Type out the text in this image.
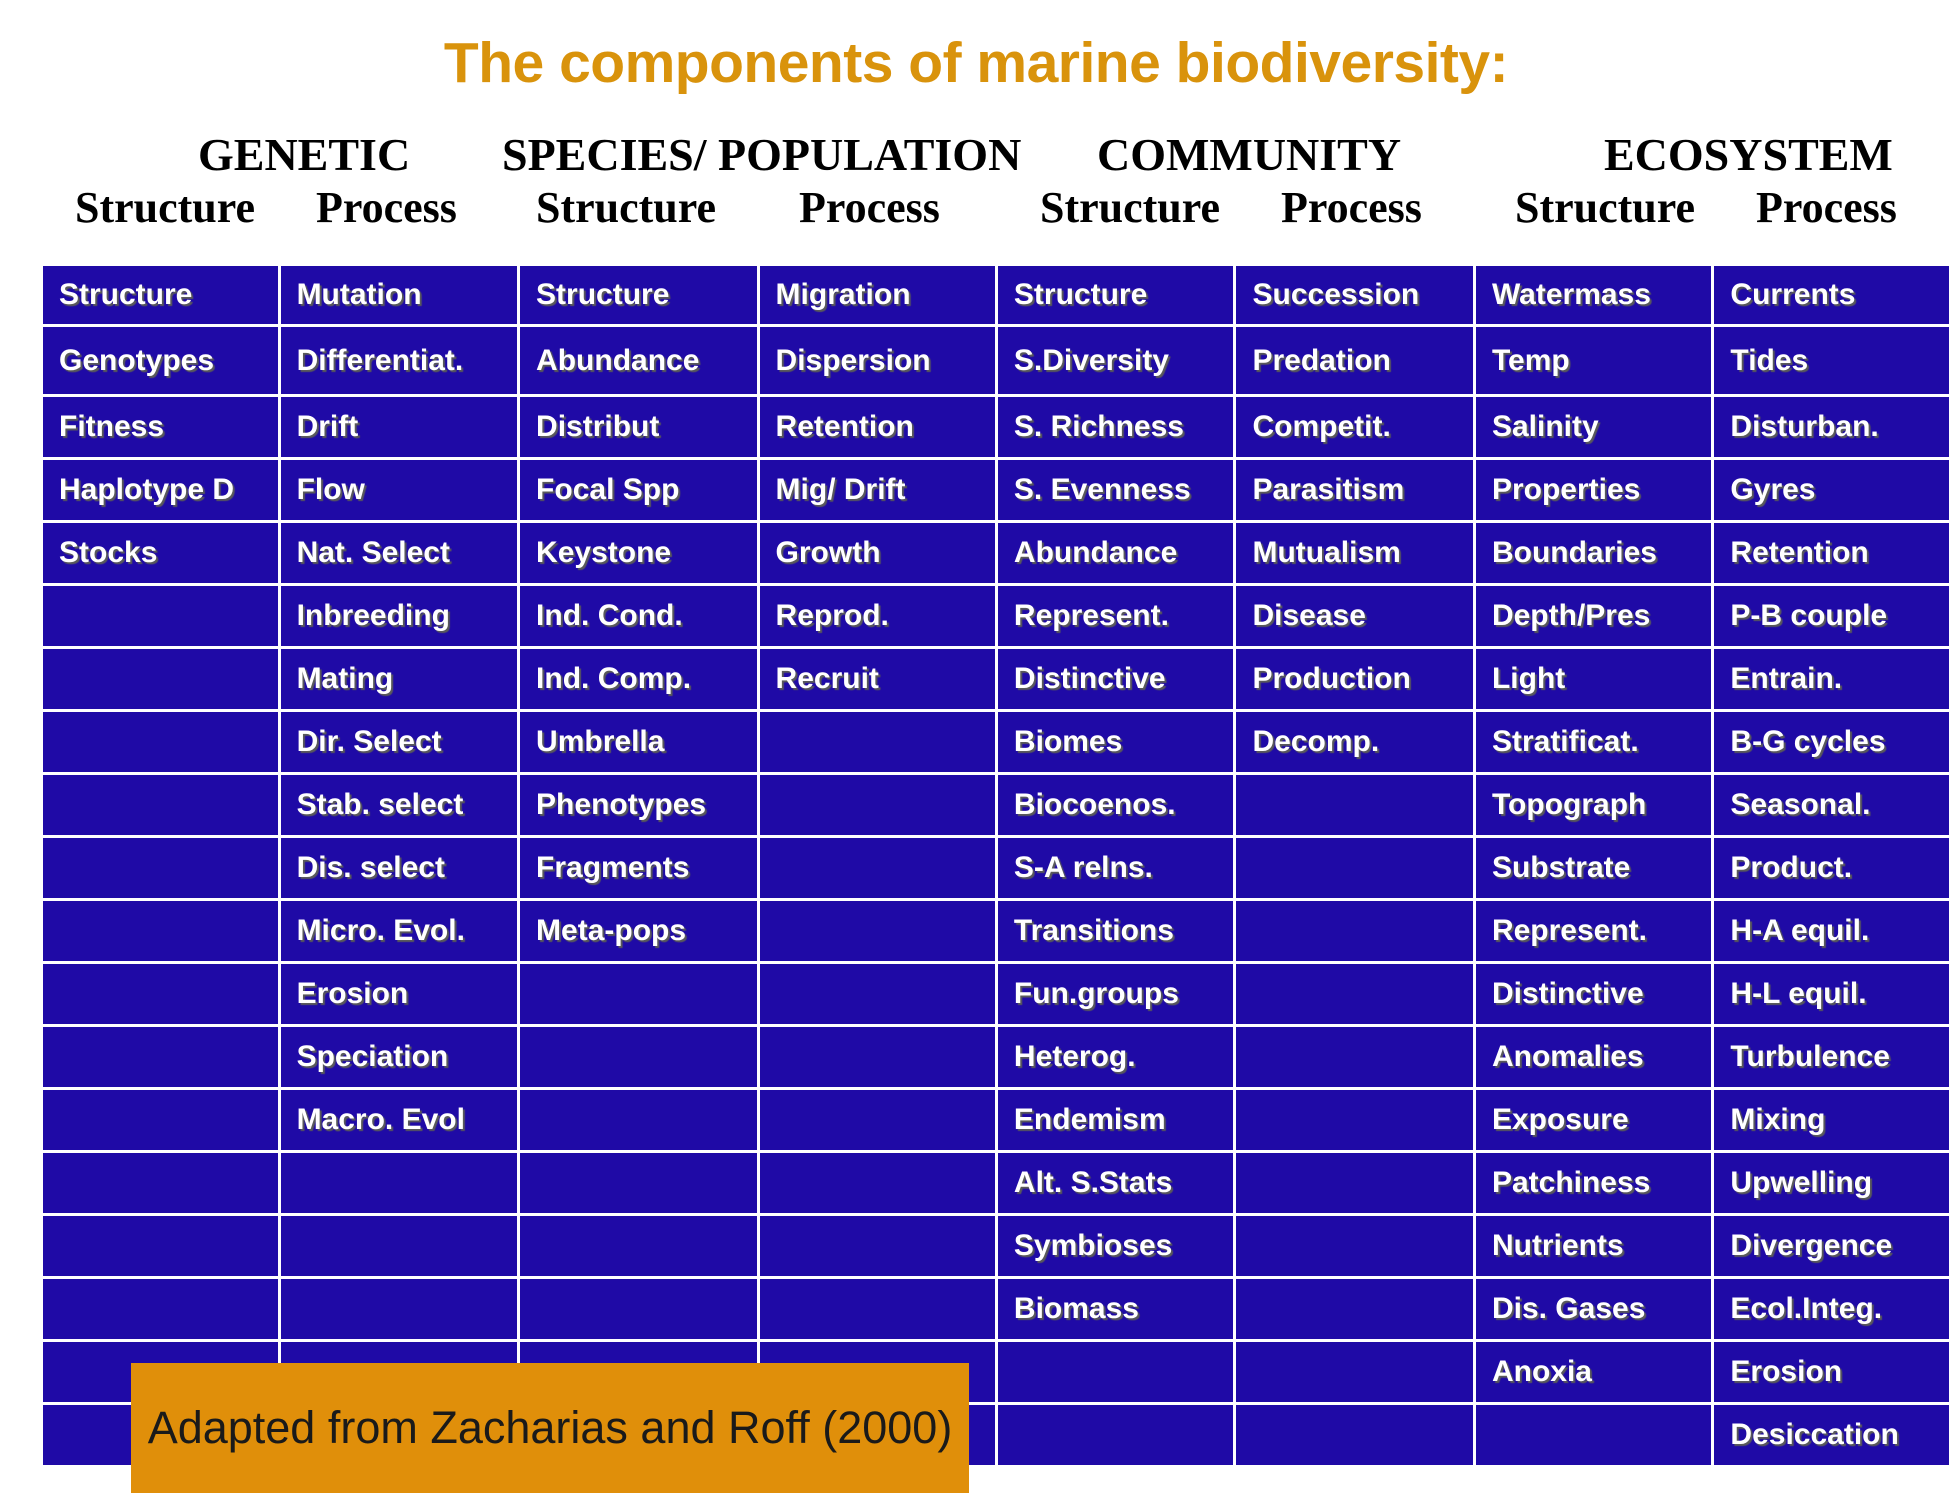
The components of marine biodiversity:
GENETIC SPECIES/ POPULATION COMMUNITY	ECOSYSTEM
Structure Process Structure Process Structure Process Structure Process
Structure	Mutation	Structure	Migration	Structure	Succession	Watermass	Currents
Genotypes	Differentiat.	Abundance	Dispersion	S.Diversity	Predation	Temp	Tides
Fitness	Drift	Distribut	Retention	S. Richness	Competit.	Salinity	Disturban.
Haplotype D	Flow	Focal Spp	Mig/ Drift	S. Evenness	Parasitism	Properties	Gyres
Stocks	Nat. Select	Keystone	Growth	Abundance	Mutualism	Boundaries	Retention
	Inbreeding	Ind. Cond.	Reprod.	Represent.	Disease	Depth/Pres	P-B couple
	Mating	Ind. Comp.	Recruit	Distinctive	Production	Light	Entrain.
	Dir. Select	Umbrella		Biomes	Decomp.	Stratificat.	B-G cycles
	Stab. select	Phenotypes		Biocoenos.		Topograph	Seasonal.
	Dis. select	Fragments		S-A relns.		Substrate	Product.
	Micro. Evol.	Meta-pops		Transitions		Represent.	H-A equil.
	Erosion			Fun.groups		Distinctive	H-L equil.
	Speciation			Heterog.		Anomalies	Turbulence
	Macro. Evol			Endemism		Exposure	Mixing
				Alt. S.Stats		Patchiness	Upwelling
				Symbioses		Nutrients	Divergence
				Biomass		Dis. Gases	Ecol.Integ.
						Anoxia	Erosion
							Desiccation
Adapted from Zacharias and Roff (2000)
